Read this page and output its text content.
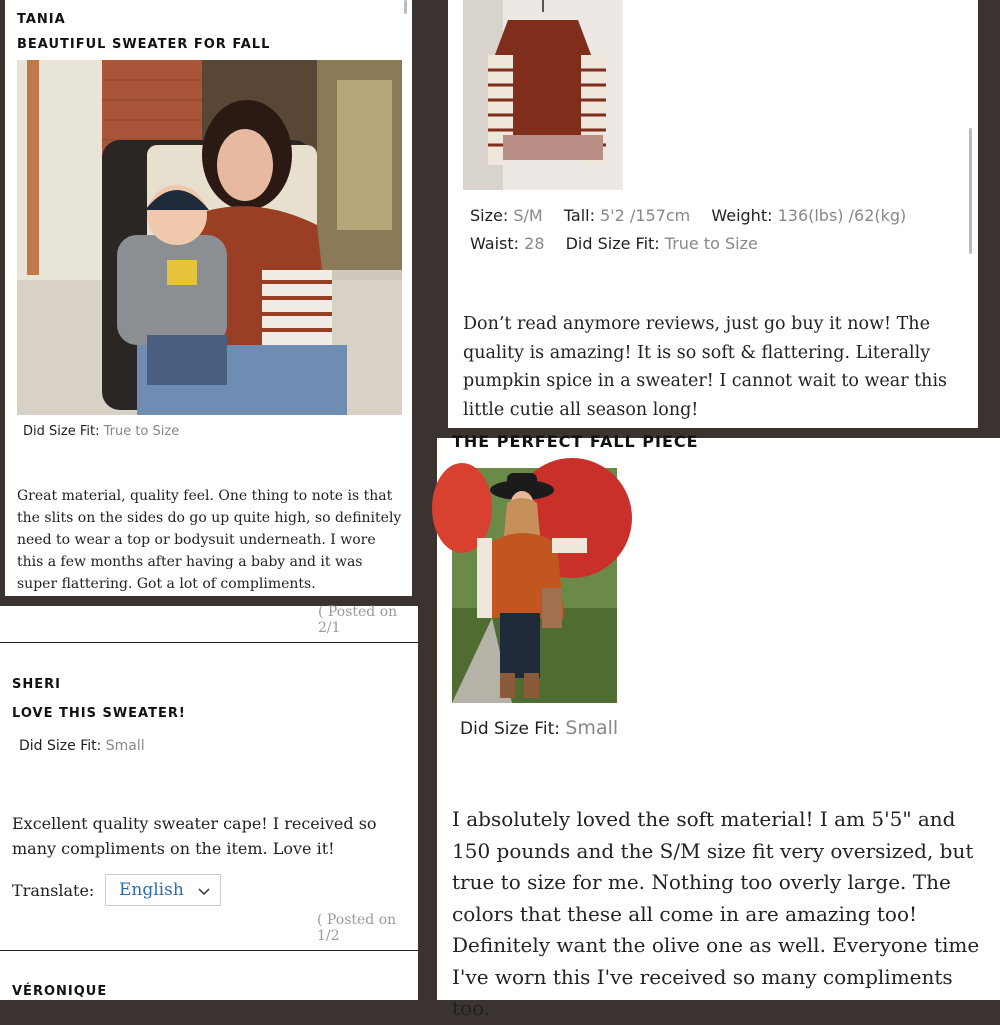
TANIA
BEAUTIFUL SWEATER FOR FALL
Did Size Fit: True to Size
Great material, quality feel. One thing to note is that the slits on the sides do go up quite high, so definitely need to wear a top or bodysuit underneath. I wore this a few months after having a baby and it was super flattering. Got a lot of compliments.
( Posted on 2/1
SHERI
LOVE THIS SWEATER!
Did Size Fit: Small
Excellent quality sweater cape! I received so many compliments on the item. Love it!
Translate:	English
( Posted on 1/2
VÉRONIQUE
Size: S/M Tall: 5'2 /157cm Weight: 136(lbs) /62(kg)
Waist: 28 Did Size Fit: True to Size
Don’t read anymore reviews, just go buy it now! The quality is amazing! It is so soft & flattering. Literally pumpkin spice in a sweater! I cannot wait to wear this little cutie all season long!
THE PERFECT FALL PIECE
Did Size Fit: Small
I absolutely loved the soft material! I am 5'5" and 150 pounds and the S/M size fit very oversized, but true to size for me. Nothing too overly large. The colors that these all come in are amazing too! Definitely want the olive one as well. Everyone time I've worn this I've received so many compliments too.
